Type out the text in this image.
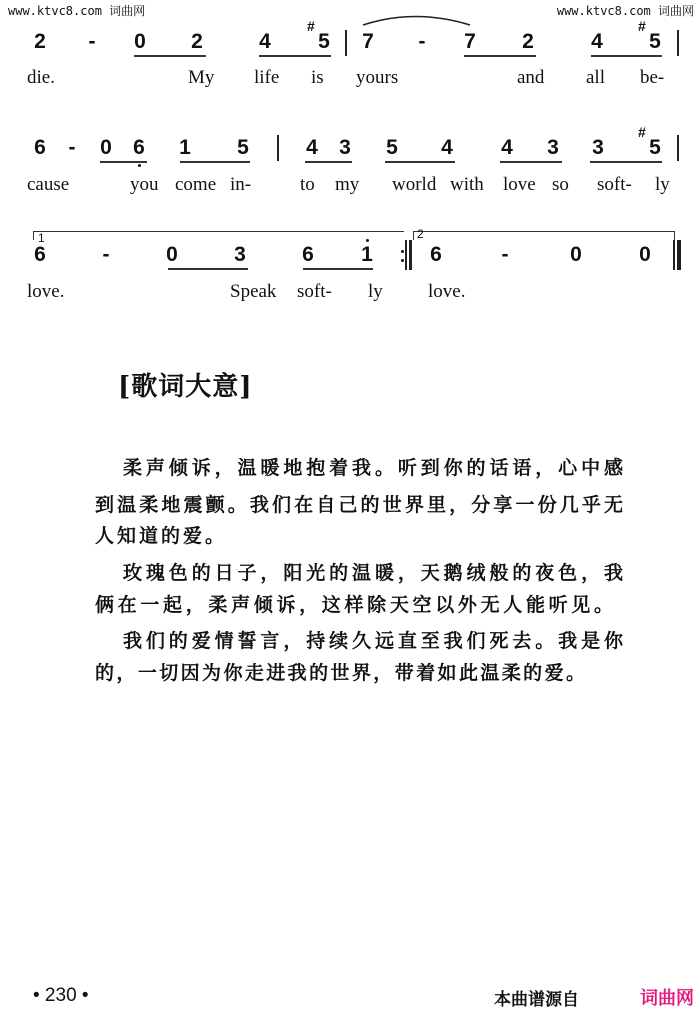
www.ktvc8.com 词曲网	www.ktvc8.com 词曲网
2 - 0 2	4 5
#
7 - 7 2	4 5
#
die.	My life is yours	and all be-
6 - 0 6 1 5	4 3 5 4 4 3 3 5
#
cause	you come in-	to my world with love so soft- ly
1	2
6	-	0	3	6 1	6	-	0	0
love.	Speak soft- ly love.
[歌词大意]
柔声倾诉，温暖地抱着我。听到你的话语，心中感
到温柔地震颤。我们在自己的世界里，分享一份几乎无
人知道的爱。
玫瑰色的日子，阳光的温暖，天鹅绒般的夜色，我
俩在一起，柔声倾诉，这样除天空以外无人能听见。
我们的爱情誓言，持续久远直至我们死去。我是你
的，一切因为你走进我的世界，带着如此温柔的爱。
• 230 •	本曲谱源自	词曲网
